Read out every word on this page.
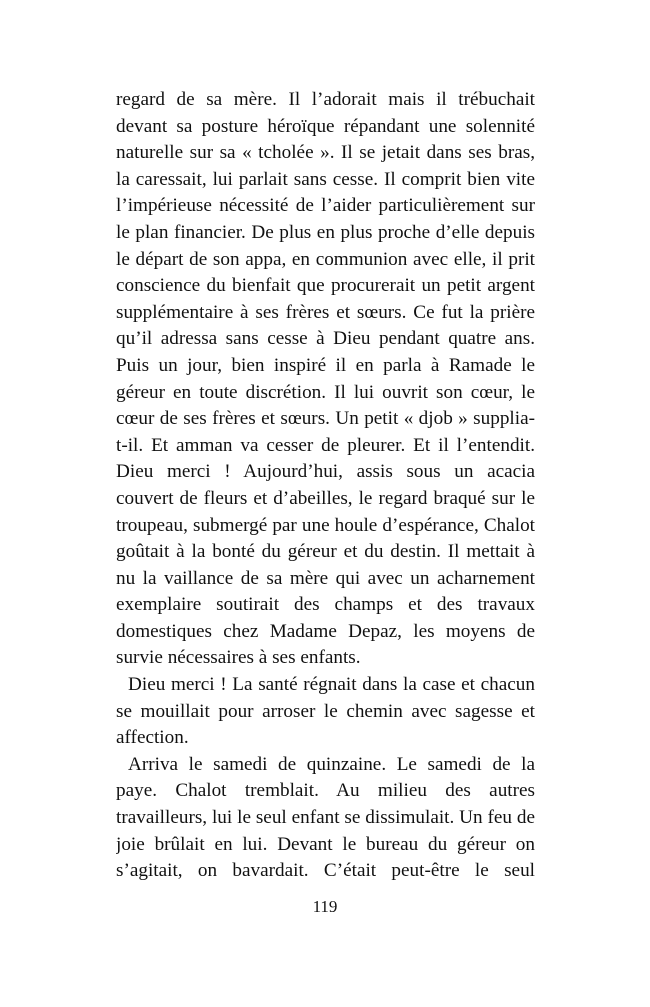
regard de sa mère. Il l’adorait mais il trébuchait
devant sa posture héroïque répandant une solennité
naturelle sur sa « tcholée ». Il se jetait dans ses bras,
la caressait, lui parlait sans cesse. Il comprit bien vite
l’impérieuse nécessité de l’aider particulièrement sur
le plan financier. De plus en plus proche d’elle depuis
le départ de son appa, en communion avec elle, il prit
conscience du bienfait que procurerait un petit argent
supplémentaire à ses frères et sœurs. Ce fut la prière
qu’il adressa sans cesse à Dieu pendant quatre ans.
Puis un jour, bien inspiré il en parla à Ramade le
géreur en toute discrétion. Il lui ouvrit son cœur, le
cœur de ses frères et sœurs. Un petit « djob » supplia-
t-il. Et amman va cesser de pleurer. Et il l’entendit.
Dieu merci ! Aujourd’hui, assis sous un acacia
couvert de fleurs et d’abeilles, le regard braqué sur le
troupeau, submergé par une houle d’espérance, Chalot
goûtait à la bonté du géreur et du destin. Il mettait à
nu la vaillance de sa mère qui avec un acharnement
exemplaire soutirait des champs et des travaux
domestiques chez Madame Depaz, les moyens de
survie nécessaires à ses enfants.
Dieu merci ! La santé régnait dans la case et chacun
se mouillait pour arroser le chemin avec sagesse et
affection.
Arriva le samedi de quinzaine. Le samedi de la
paye. Chalot tremblait. Au milieu des autres
travailleurs, lui le seul enfant se dissimulait. Un feu de
joie brûlait en lui. Devant le bureau du géreur on
s’agitait, on bavardait. C’était peut-être le seul
119
